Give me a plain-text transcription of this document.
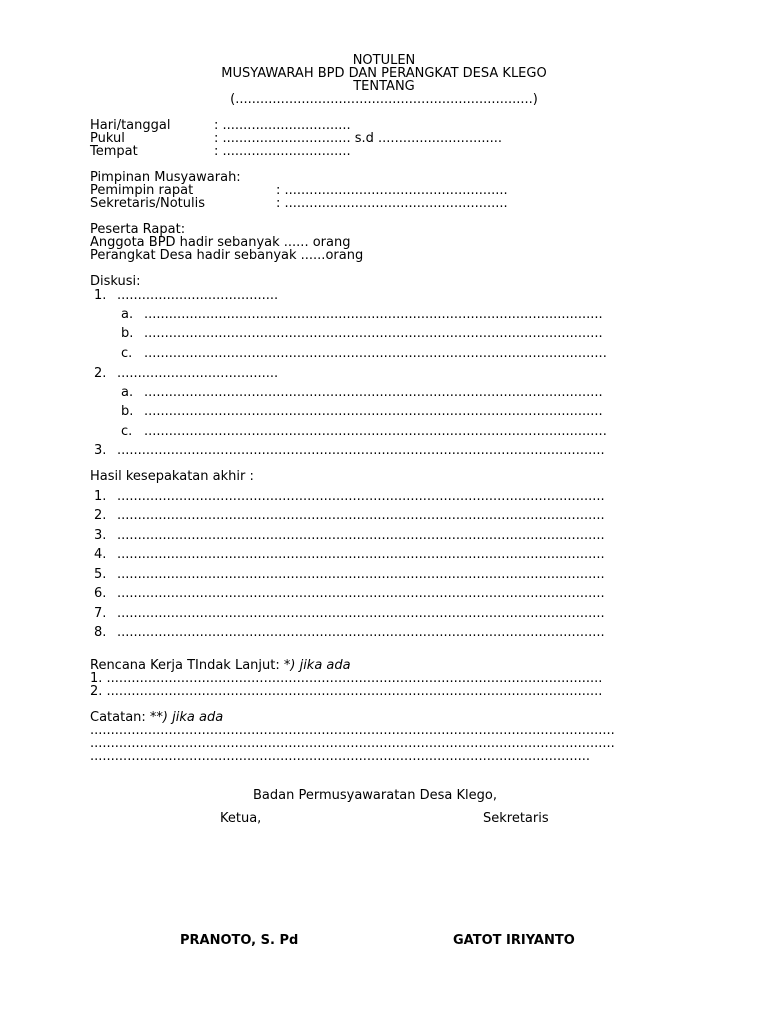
NOTULEN
MUSYAWARAH BPD DAN PERANGKAT DESA KLEGO
TENTANG
(........................................................................)
Hari/tanggal	: ...............................
Pukul	: ............................... s.d ..............................
Tempat	: ...............................
Pimpinan Musyawarah:
Pemimpin rapat	: ......................................................
Sekretaris/Notulis	: ......................................................
Peserta Rapat:
Anggota BPD hadir sebanyak ...... orang
Perangkat Desa hadir sebanyak ......orang
Diskusi:
1. .......................................
a. ...............................................................................................................
b. ...............................................................................................................
c. ................................................................................................................
2. .......................................
a. ...............................................................................................................
b. ...............................................................................................................
c. ................................................................................................................
3. ......................................................................................................................
Hasil kesepakatan akhir :
1. ......................................................................................................................
2. ......................................................................................................................
3. ......................................................................................................................
4. ......................................................................................................................
5. ......................................................................................................................
6. ......................................................................................................................
7. ......................................................................................................................
8. ......................................................................................................................
Rencana Kerja TIndak Lanjut: *) jika ada
1. ........................................................................................................................
2. ........................................................................................................................
Catatan: **) jika ada
...............................................................................................................................
...............................................................................................................................
.........................................................................................................................
Badan Permusyawaratan Desa Klego,
Ketua,	Sekretaris
PRANOTO, S. Pd	GATOT IRIYANTO
